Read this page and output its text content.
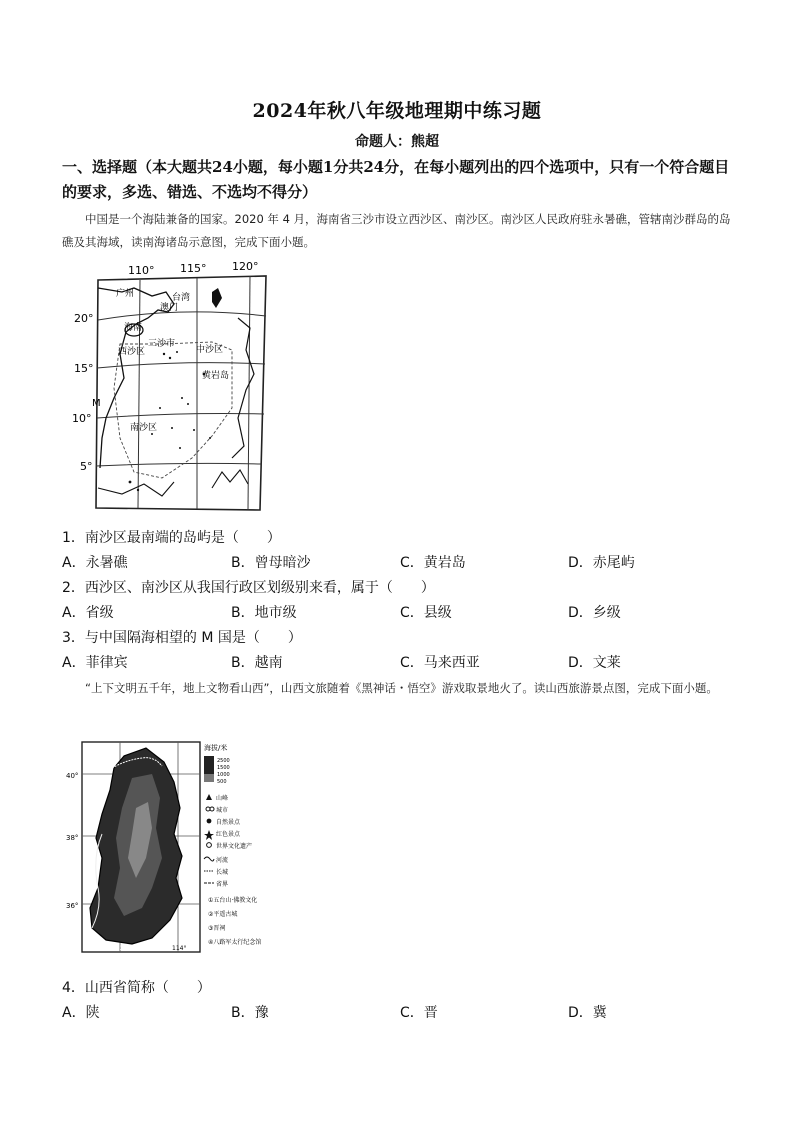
2024年秋八年级地理期中练习题
命题人：熊超
一、选择题（本大题共24小题，每小题1分共24分，在每小题列出的四个选项中，只有一个符合题目的要求，多选、错选、不选均不得分）
中国是一个海陆兼备的国家。2020 年 4 月，海南省三沙市设立西沙区、南沙区。南沙区人民政府驻永暑礁，管辖南沙群岛的岛礁及其海域，读南海诸岛示意图，完成下面小题。
110° 115° 120°
20°
15°
10°
5°
广州	台湾
澳门
海南
三沙市
西沙区	中沙区
黄岩岛
南沙区
M
1．南沙区最南端的岛屿是（　　）
A．永暑礁	B．曾母暗沙	C．黄岩岛	D．赤尾屿
2．西沙区、南沙区从我国行政区划级别来看，属于（　　）
A．省级	B．地市级	C．县级	D．乡级
3．与中国隔海相望的 M 国是（　　）
A．菲律宾	B．越南	C．马来西亚	D．文莱
“上下文明五千年，地上文物看山西”，山西文旅随着《黑神话・悟空》游戏取景地火了。读山西旅游景点图，完成下面小题。
40°
38°
36°
112°	114°
海拔/米
2500
1500
1000
500
山峰
城市
自然景点
红色景点
世界文化遗产
河流
长城
省界
①五台山·佛教文化
②平遥古城
③晋祠
④八路军太行纪念馆
4．山西省简称（　　）
A．陕	B．豫	C．晋	D．冀
